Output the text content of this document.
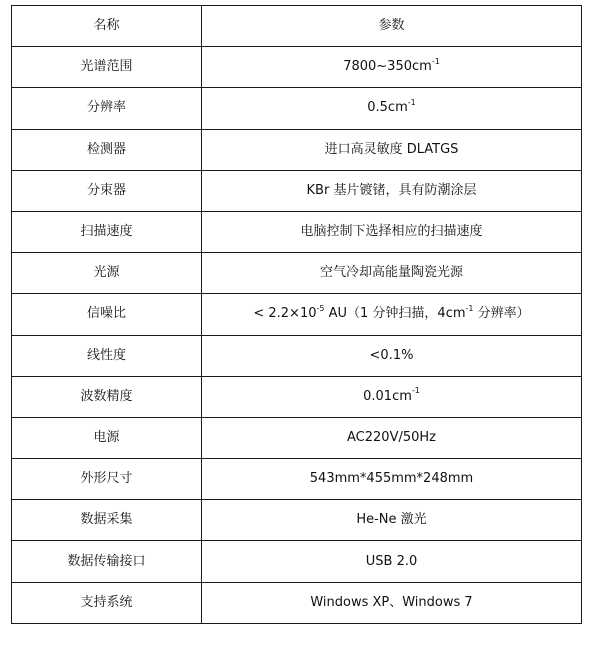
名称	参数
光谱范围	$7800\sim 350cm^{-1}$
分辨率	$0.5cm^{-1}$
检测器	进口高灵敏度 DLATGS
分束器	KBr 基片镀锗，具有防潮涂层
扫描速度	电脑控制下选择相应的扫描速度
光源	空气冷却高能量陶瓷光源
信噪比	< $2.2\times 10^{-5}$ AU（1 分钟扫描，$4cm^{-1}$ 分辨率）
线性度	<0.1%
波数精度	$0.01cm^{-1}$
电源	AC220V/50Hz
外形尺寸	543mm*455mm*248mm
数据采集	He-Ne 激光
数据传输接口	USB 2.0
支持系统	Windows XP、Windows 7
